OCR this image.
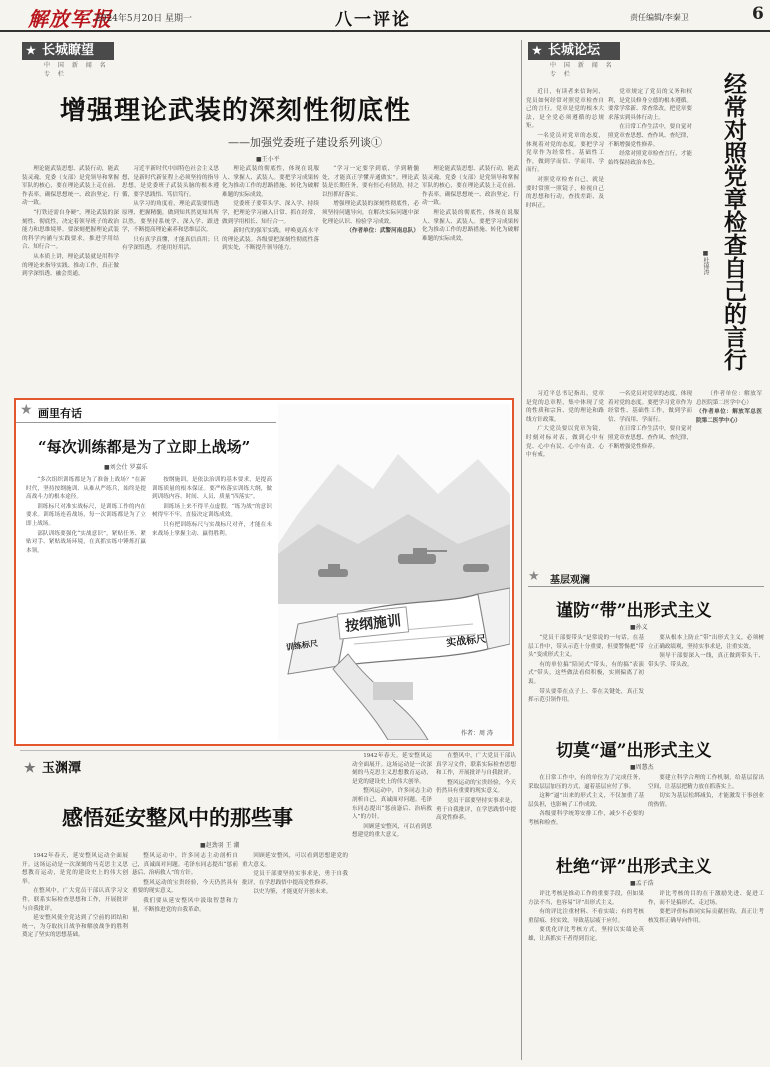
解放军报
2024年5月20日 星期一	八一评论	责任编辑/李秦卫	6
★ 长城瞭望
中 国 新 闻 名 专 栏
增强理论武装的深刻性彻底性
——加强党委班子建设系列谈①
■王小平

理论能武装思想、武装行动，能武装灵魂。党委（支部）是党领导和掌握军队的核心，要在理论武装上走在前、作表率，确保思想统一、政治坚定、行动一致。

“打铁还需自身硬”，理论武装的深刻性、彻底性，决定着领导班子的政治能力和思维境界。要深刻把握理论武装的科学内涵与实践要求，推进学用结合、知行合一。

从本质上讲，理论武装就是用科学的理论来指导实践、推动工作，真正做到学深悟透、融会贯通。

习近平新时代中国特色社会主义思想，是新时代新征程上必须坚持的指导思想，是党委班子武装头脑的根本遵循，要学思践悟、笃信笃行。

从学习的角度看，理论武装要悟透原理、把握精髓，做到知其然更知其所以然。要坚持系统学、深入学、跟进学，不断提高理论素养和思维层次。

只有真学真懂，才能真信真用；只有学深悟透，才能用好用活。

理论武装的彻底性，体现在说服人、掌握人、武装人。要把学习成果转化为推动工作的思路措施、转化为破解难题的实际成效。

党委班子要带头学、深入学、持续学，把理论学习融入日常、抓在经常，做到学用相长、知行合一。

新时代的强军实践，呼唤更高水平的理论武装。各级要把深刻性彻底性落到实处，不断提升领导能力。

“学习一定要学到底，学到精髓处，才能真正学懂弄通做实”。理论武装是长期任务，要有恒心有韧劲，持之以恒抓好落实。

增强理论武装的深刻性彻底性，必须坚持问题导向，在解决实际问题中深化理论认识、检验学习成效。

（作者单位：武警河南总队）

理论能武装思想、武装行动，能武装灵魂。党委（支部）是党领导和掌握军队的核心，要在理论武装上走在前、作表率，确保思想统一、政治坚定、行动一致。

理论武装的彻底性，体现在说服人、掌握人、武装人。要把学习成果转化为推动工作的思路措施、转化为破解难题的实际成效。

★ 画里有话
“每次训练都是为了立即上战场”
■刘会仕 罗嘉乐

“多次组织训练都是为了准备上战场？”在新时代，坚持按纲施训、从难从严练兵，始终是提高战斗力的根本途径。

训练标尺对准实战标尺，是训练工作的内在要求。训练场连着战场，每一次训练都是为了立即上战场。

部队训练要强化“实战意识”，紧贴任务、紧贴对手、紧贴战场环境，在真抓实练中锤炼打赢本领。

按纲施训，是依法治训的基本要求，是提高训练质量的根本保证。要严格落实训练大纲，做到训练内容、时间、人员、质量“四落实”。

训练场上来不得半点虚假。“练为战”的意识树得牢不牢，直接决定训练成效。

只有把训练标尺与实战标尺对齐，才能在未来战场上掌握主动、赢得胜利。

按纲施训
训练标尺	实战标尺
作者：周 涛
★ 玉渊潭
感悟延安整风中的那些事
■赵劲羽 王 潮

1942年春天，延安整风运动全面展开。这场运动是一次深刻的马克思主义思想教育运动，是党的建设史上的伟大创举。

在整风中，广大党员干部认真学习文件，联系实际检查思想和工作，开展批评与自我批评。

延安整风使全党达到了空前的团结和统一，为夺取抗日战争和解放战争的胜利奠定了坚实的思想基础。

整风运动中，许多同志主动剖析自己，真诚面对问题。毛泽东同志提出“惩前毖后、治病救人”的方针。

整风运动的宝贵经验，今天仍然具有重要的现实意义。

我们要从延安整风中汲取智慧和力量，不断推进党的自我革命。

回顾延安整风，可以看到思想建党的重大意义。

党员干部要坚持实事求是，勇于自我批评，在学思践悟中提高党性修养。

以史为鉴，才能更好开创未来。

1942年春天，延安整风运动全面展开。这场运动是一次深刻的马克思主义思想教育运动，是党的建设史上的伟大创举。

整风运动中，许多同志主动剖析自己，真诚面对问题。毛泽东同志提出“惩前毖后、治病救人”的方针。

回顾延安整风，可以看到思想建党的重大意义。

在整风中，广大党员干部认真学习文件，联系实际检查思想和工作，开展批评与自我批评。

整风运动的宝贵经验，今天仍然具有重要的现实意义。

党员干部要坚持实事求是，勇于自我批评，在学思践悟中提高党性修养。

★ 长城论坛
中 国 新 闻 名 专 栏	经常对照党章检查自己的言行
■杜锦涛

近日，有读者来信询问，党员如何经常对照党章检查自己的言行。党章是党的根本大法，是全党必须遵循的总规矩。

一名党员对党章的态度，体现着对党的态度。要把学习党章作为经常性、基础性工作，做到学而信、学而用、学而行。

对照党章检查自己，就是要时常照一照镜子，检视自己的思想和行动，查找差距、及时纠正。

党章规定了党员的义务和权利，是党员修身立德的根本遵循。要常学常新、常查常改，把党章要求落实到具体行动上。

在日常工作生活中，要自觉对照党章查思想、查作风、查纪律，不断增强党性修养。

经常对照党章检查言行，才能始终保持政治本色。

习近平总书记指出，党章是党的总章程，集中体现了党的性质和宗旨、党的理论和路线方针政策。

广大党员要以党章为镜，时刻对标对表，做到心中有党、心中有民、心中有责、心中有戒。

一名党员对党章的态度，体现着对党的态度。要把学习党章作为经常性、基础性工作，做到学而信、学而用、学而行。

在日常工作生活中，要自觉对照党章查思想、查作风、查纪律，不断增强党性修养。

（作者单位：解放军总医院第二医学中心）

（作者单位：解放军总医院第二医学中心）

★ 基层观澜
谨防“带”出形式主义
■孙义

“党员干部要带头”是常说的一句话。在基层工作中，带头示范十分重要，但要警惕把“带头”变成形式主义。

有的单位搞“陪同式”带头，有的搞“表演式”带头，这些做法看似积极，实则偏离了初衷。

带头要带在点子上、带在关键处，真正发挥示范引领作用。

要从根本上防止“带”出形式主义，必须树立正确政绩观，坚持实事求是，注重实效。

领导干部要深入一线，真正做到带头干、带头学、带头改。

切莫“逼”出形式主义
■周慧杰

在日常工作中，有的单位为了完成任务，采取层层加压的方式，逼着基层应付了事。

这种“逼”出来的形式主义，不仅加重了基层负担，也影响了工作成效。

各级要科学统筹安排工作，减少不必要的考核和检查。

要建立科学合理的工作机制，给基层留出空间，让基层把精力放在抓落实上。

切实为基层松绑减负，才能激发干事创业的热情。

杜绝“评”出形式主义
■孟子浩

评比考核是推动工作的重要手段，但如果方法不当，也容易“评”出形式主义。

有的评比注重材料、不看实绩；有的考核重留痕、轻实效，导致基层疲于应付。

要优化评比考核方式，坚持以实绩论英雄，让真抓实干者得到肯定。

评比考核的目的在于激励先进、促进工作，而不是搞形式、走过场。

要把评价标准同实际贡献挂钩，真正让考核发挥正确导向作用。
